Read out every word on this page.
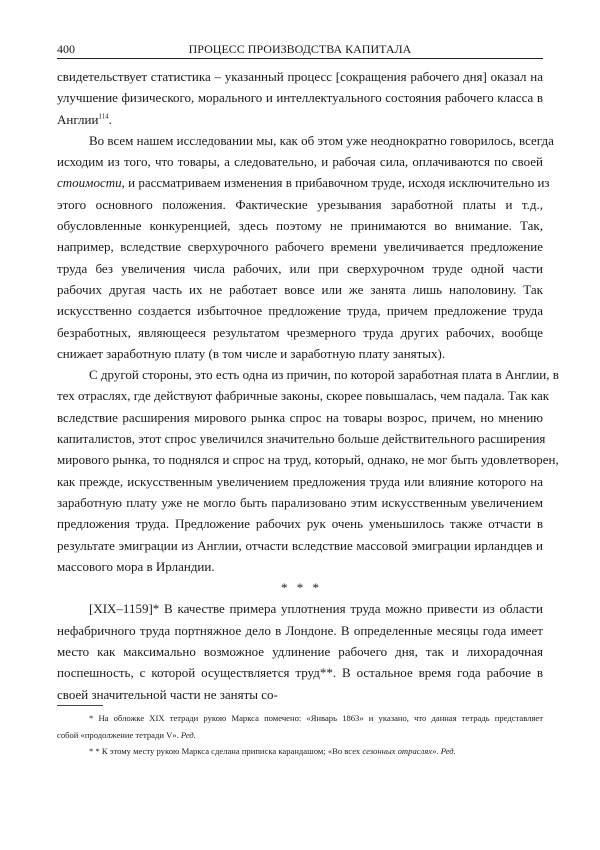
400	ПРОЦЕСС ПРОИЗВОДСТВА КАПИТАЛА
свидетельствует статистика – указанный процесс [сокращения рабочего дня] оказал на
улучшение физического, морального и интеллектуального состояния рабочего класса в
Англии$^{114}$.
Во всем нашем исследовании мы, как об этом уже неоднократно говорилось, всегда
исходим из того, что товары, а следовательно, и рабочая сила, оплачиваются по своей
стоимости, и рассматриваем изменения в прибавочном труде, исходя исключительно из
этого основного положения. Фактические урезывания заработной платы и т.д.,
обусловленные конкуренцией, здесь поэтому не принимаются во внимание. Так,
например, вследствие сверхурочного рабочего времени увеличивается предложение
труда без увеличения числа рабочих, или при сверхурочном труде одной части
рабочих другая часть их не работает вовсе или же занята лишь наполовину. Так
искусственно создается избыточное предложение труда, причем предложение труда
безработных, являющееся результатом чрезмерного труда других рабочих, вообще
снижает заработную плату (в том числе и заработную плату занятых).
С другой стороны, это есть одна из причин, по которой заработная плата в Англии, в
тех отраслях, где действуют фабричные законы, скорее повышалась, чем падала. Так как
вследствие расширения мирового рынка спрос на товары возрос, причем, но мнению
капиталистов, этот спрос увеличился значительно больше действительного расширения
мирового рынка, то поднялся и спрос на труд, который, однако, не мог быть удовлетворен,
как прежде, искусственным увеличением предложения труда или влияние которого на
заработную плату уже не могло быть парализовано этим искусственным увеличением
предложения труда. Предложение рабочих рук очень уменьшилось также отчасти в
результате эмиграции из Англии, отчасти вследствие массовой эмиграции ирландцев и
массового мора в Ирландии.
* * *
[XIX–1159]* В качестве примера уплотнения труда можно привести из области
нефабричного труда портняжное дело в Лондоне. В определенные месяцы года имеет
место как максимально возможное удлинение рабочего дня, так и лихорадочная
поспешность, с которой осуществляется труд**. В остальное время года рабочие в
своей значительной части не заняты со-
* На обложке XIX тетради рукою Маркса помечено: «Январь 1863» и указано, что данная тетрадь представляет
собой «продолжение тетради V». Ред.
* * К этому месту рукою Маркса сделана приписка карандашом; «Во всех сезонных отраслях». Ред.
